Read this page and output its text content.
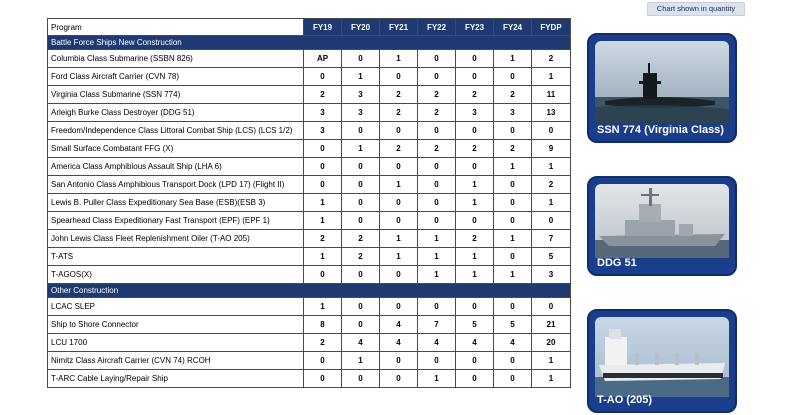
Chart shown in quantity
Program	FY19	FY20	FY21	FY22	FY23	FY24	FYDP
Battle Force Ships New Construction							
Columbia Class Submarine (SSBN 826)	AP	0	1	0	0	1	2
Ford Class Aircraft Carrier (CVN 78)	0	1	0	0	0	0	1
Virginia Class Submarine (SSN 774)	2	3	2	2	2	2	11
Arleigh Burke Class Destroyer (DDG 51)	3	3	2	2	3	3	13
Freedom/Independence Class Littoral Combat Ship (LCS) (LCS 1/2)	3	0	0	0	0	0	0
Small Surface Combatant FFG (X)	0	1	2	2	2	2	9
America Class Amphibious Assault Ship (LHA 6)	0	0	0	0	0	1	1
San Antonio Class Amphibious Transport Dock (LPD 17) (Flight II)	0	0	1	0	1	0	2
Lewis B. Puller Class Expeditionary Sea Base (ESB)(ESB 3)	1	0	0	0	1	0	1
Spearhead Class Expeditionary Fast Transport (EPF) (EPF 1)	1	0	0	0	0	0	0
John Lewis Class Fleet Replenishment Oiler (T-AO 205)	2	2	1	1	2	1	7
T-ATS	1	2	1	1	1	0	5
T-AGOS(X)	0	0	0	1	1	1	3
Other Construction							
LCAC SLEP	1	0	0	0	0	0	0
Ship to Shore Connector	8	0	4	7	5	5	21
LCU 1700	2	4	4	4	4	4	20
Nimitz Class Aircraft Carrier (CVN 74) RCOH	0	1	0	0	0	0	1
T-ARC Cable Laying/Repair Ship	0	0	0	1	0	0	1
SSN 774 (Virginia Class)
DDG 51
T-AO (205)
